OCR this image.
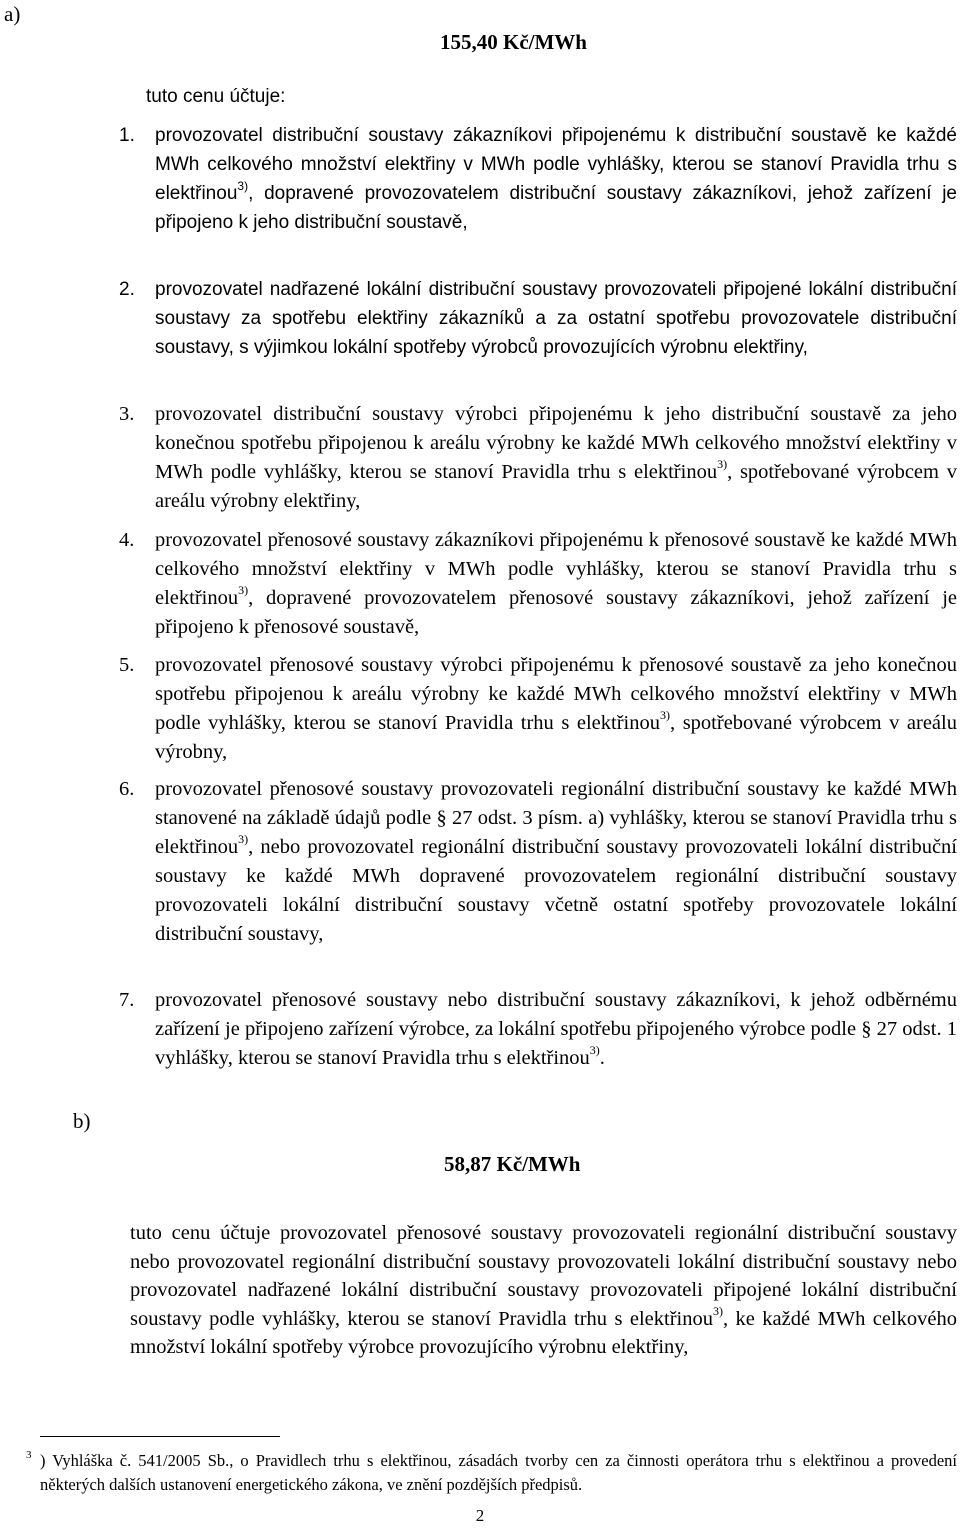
a)
155,40 Kč/MWh
tuto cenu účtuje:
1. provozovatel distribuční soustavy zákazníkovi připojenému k distribuční soustavě ke každé MWh celkového množství elektřiny v MWh podle vyhlášky, kterou se stanoví Pravidla trhu s elektřinou$^{3)}$, dopravené provozovatelem distribuční soustavy zákazníkovi, jehož zařízení je připojeno k jeho distribuční soustavě,
2. provozovatel nadřazené lokální distribuční soustavy provozovateli připojené lokální distribuční soustavy za spotřebu elektřiny zákazníků a za ostatní spotřebu provozovatele distribuční soustavy, s výjimkou lokální spotřeby výrobců provozujících výrobnu elektřiny,
3. provozovatel distribuční soustavy výrobci připojenému k jeho distribuční soustavě za jeho konečnou spotřebu připojenou k areálu výrobny ke každé MWh celkového množství elektřiny v MWh podle vyhlášky, kterou se stanoví Pravidla trhu s elektřinou$^{3)}$, spotřebované výrobcem v areálu výrobny elektřiny,
4. provozovatel přenosové soustavy zákazníkovi připojenému k přenosové soustavě ke každé MWh celkového množství elektřiny v MWh podle vyhlášky, kterou se stanoví Pravidla trhu s elektřinou$^{3)}$, dopravené provozovatelem přenosové soustavy zákazníkovi, jehož zařízení je připojeno k přenosové soustavě,
5. provozovatel přenosové soustavy výrobci připojenému k přenosové soustavě za jeho konečnou spotřebu připojenou k areálu výrobny ke každé MWh celkového množství elektřiny v MWh podle vyhlášky, kterou se stanoví Pravidla trhu s elektřinou$^{3)}$, spotřebované výrobcem v areálu výrobny,
6. provozovatel přenosové soustavy provozovateli regionální distribuční soustavy ke každé MWh stanovené na základě údajů podle § 27 odst. 3 písm. a) vyhlášky, kterou se stanoví Pravidla trhu s elektřinou$^{3)}$, nebo provozovatel regionální distribuční soustavy provozovateli lokální distribuční soustavy ke každé MWh dopravené provozovatelem regionální distribuční soustavy provozovateli lokální distribuční soustavy včetně ostatní spotřeby provozovatele lokální distribuční soustavy,
7. provozovatel přenosové soustavy nebo distribuční soustavy zákazníkovi, k jehož odběrnému zařízení je připojeno zařízení výrobce, za lokální spotřebu připojeného výrobce podle § 27 odst. 1 vyhlášky, kterou se stanoví Pravidla trhu s elektřinou$^{3)}$.
b)
58,87 Kč/MWh
tuto cenu účtuje provozovatel přenosové soustavy provozovateli regionální distribuční soustavy nebo provozovatel regionální distribuční soustavy provozovateli lokální distribuční soustavy nebo provozovatel nadřazené lokální distribuční soustavy provozovateli připojené lokální distribuční soustavy podle vyhlášky, kterou se stanoví Pravidla trhu s elektřinou$^{3)}$, ke každé MWh celkového množství lokální spotřeby výrobce provozujícího výrobnu elektřiny,
3 ) Vyhláška č. 541/2005 Sb., o Pravidlech trhu s elektřinou, zásadách tvorby cen za činnosti operátora trhu s elektřinou a provedení některých dalších ustanovení energetického zákona, ve znění pozdějších předpisů.
2
